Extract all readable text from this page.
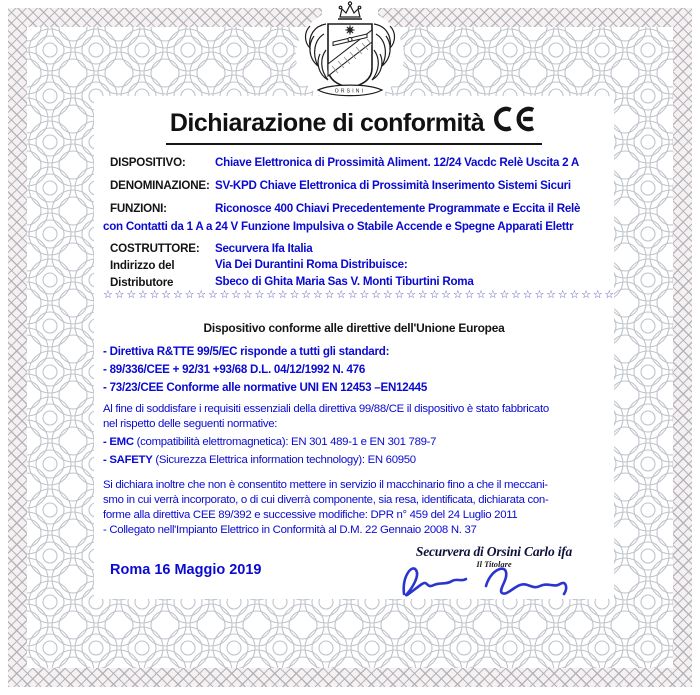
Dichiarazione di conformità
DISPOSITIVO:	Chiave Elettronica di Prossimità Aliment. 12/24 Vacdc Relè Uscita 2 A
DENOMINAZIONE: SV-KPD Chiave Elettronica di Prossimità Inserimento Sistemi Sicuri
FUNZIONI:	Riconosce 400 Chiavi Precedentemente Programmate e Eccita il Relè
con Contatti da 1 A a 24 V Funzione Impulsiva o Stabile Accende e Spegne Apparati Elettr
COSTRUTTORE: Securvera Ifa Italia
Indirizzo del	Via Dei Durantini Roma Distribuisce:
Distributore	Sbeco di Ghita Maria Sas V. Monti Tiburtini Roma
☆☆☆☆☆☆☆☆☆☆☆☆☆☆☆☆☆☆☆☆☆☆☆☆☆☆☆☆☆☆☆☆☆☆☆☆☆☆☆☆☆☆☆☆
Dispositivo conforme alle direttive dell'Unione Europea
- Direttiva R&TTE 99/5/EC risponde a tutti gli standard:
- 89/336/CEE + 92/31 +93/68 D.L. 04/12/1992 N. 476
- 73/23/CEE Conforme alle normative UNI EN 12453 –EN12445
Al fine di soddisfare i requisiti essenziali della direttiva 99/88/CE il dispositivo è stato fabbricato
nel rispetto delle seguenti normative:
- EMC (compatibilità elettromagnetica): EN 301 489-1 e EN 301 789-7
- SAFETY (Sicurezza Elettrica information technology): EN 60950
Si dichiara inoltre che non è consentito mettere in servizio il macchinario fino a che il meccani-
smo in cui verrà incorporato, o di cui diverrà componente, sia resa, identificata, dichiarata con-
forme alla direttiva CEE 89/392 e successive modifiche: DPR n° 459 del 24 Luglio 2011
- Collegato nell'Impianto Elettrico in Conformità al D.M. 22 Gennaio 2008 N. 37
Securvera di Orsini Carlo ifa
Il Titolare
Roma 16 Maggio 2019
ORSINI
